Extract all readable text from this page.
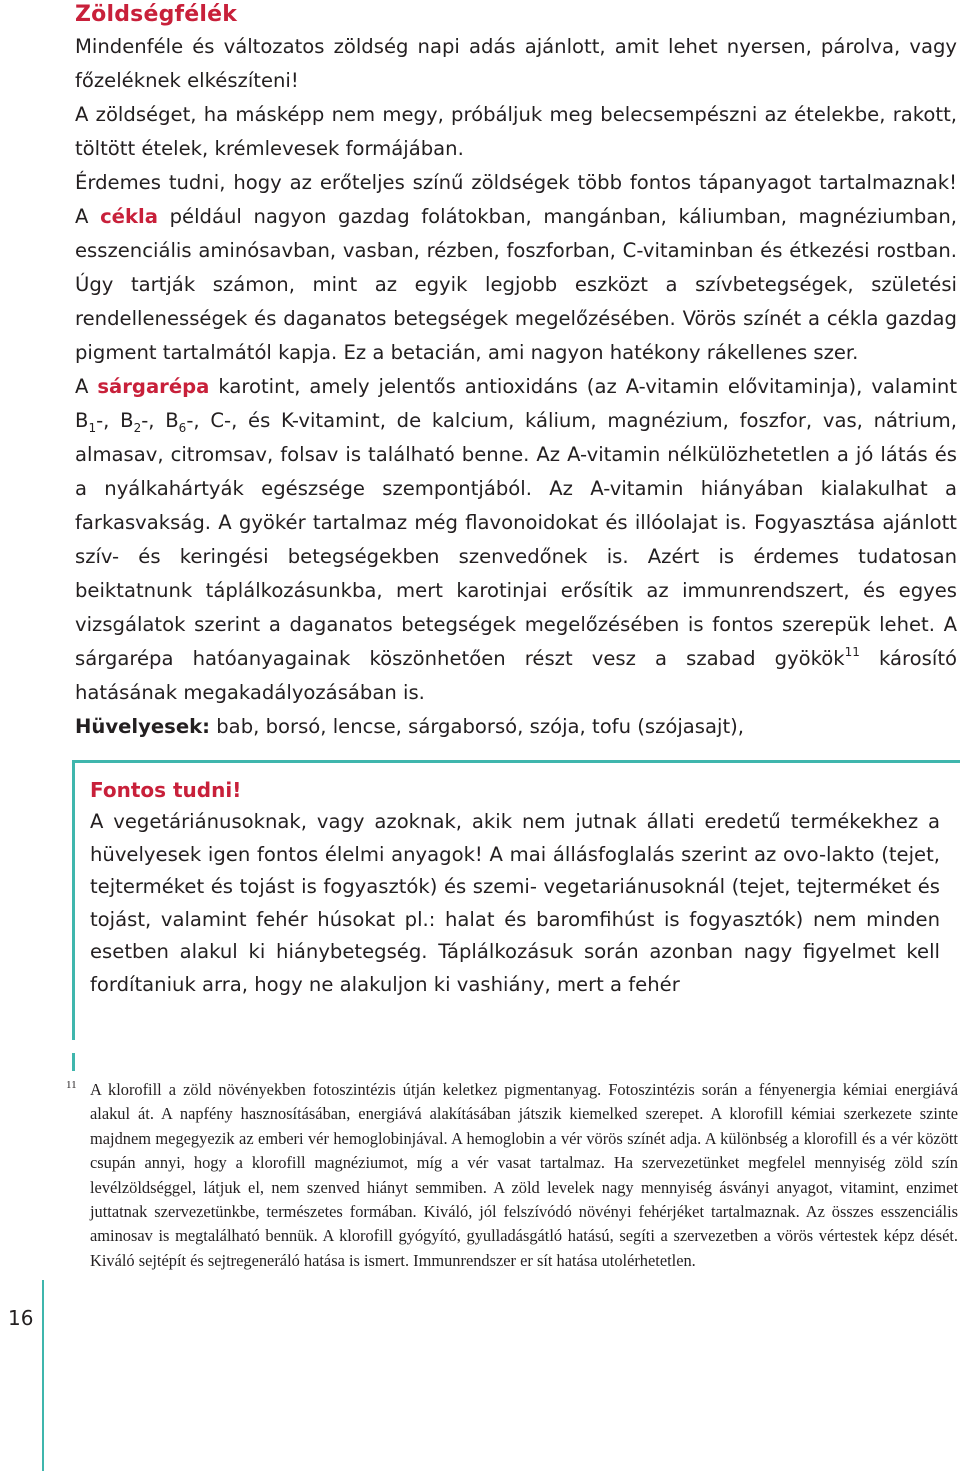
Zöldségfélék

Mindenféle és változatos zöldség napi adás ajánlott, amit lehet nyersen, párolva, vagy főzeléknek elkészíteni!

A zöldséget, ha másképp nem megy, próbáljuk meg belecsempészni az ételekbe, rakott, töltött ételek, krémlevesek formájában.

Érdemes tudni, hogy az erőteljes színű zöldségek több fontos tápanyagot tartalmaznak! A cékla például nagyon gazdag folátokban, mangánban, káliumban, magnéziumban, esszenciális aminósavban, vasban, rézben, foszforban, C-vitaminban és étkezési rostban. Úgy tartják számon, mint az egyik legjobb eszközt a szívbetegségek, születési rendellenességek és daganatos betegségek megelőzésében. Vörös színét a cékla gazdag pigment tartalmától kapja. Ez a betacián, ami nagyon hatékony rákellenes szer.

A sárgarépa karotint, amely jelentős antioxidáns (az A-vitamin elővitaminja), valamint $B_1-$, $B_2-$, $B_6-$, C-, és K-vitamint, de kalcium, kálium, magnézium, foszfor, vas, nátrium, almasav, citromsav, folsav is található benne. Az A-vitamin nélkülözhetetlen a jó látás és a nyálkahártyák egészsége szempontjából. Az A-vitamin hiányában kialakulhat a farkasvakság. A gyökér tartalmaz még flavonoidokat és illóolajat is. Fogyasztása ajánlott szív- és keringési betegségekben szenvedőnek is. Azért is érdemes tudatosan beiktatnunk táplálkozásunkba, mert karotinjai erősítik az immunrendszert, és egyes vizsgálatok szerint a daganatos betegségek megelőzésében is fontos szerepük lehet. A sárgarépa hatóanyagainak köszönhetően részt vesz a szabad gyökök$^{11}$ károsító hatásának megakadályozásában is.

Hüvelyesek: bab, borsó, lencse, sárgaborsó, szója, tofu (szójasajt),

Fontos tudni!

A vegetáriánusoknak, vagy azoknak, akik nem jutnak állati eredetű termékekhez a hüvelyesek igen fontos élelmi anyagok! A mai állásfoglalás szerint az ovo-lakto (tejet, tejterméket és tojást is fogyasztók) és szemi- vegetariánusoknál (tejet, tejterméket és tojást, valamint fehér húsokat pl.: halat és baromfihúst is fogyasztók) nem minden esetben alakul ki hiánybetegség. Táplálkozásuk során azonban nagy figyelmet kell fordítaniuk arra, hogy ne alakuljon ki vashiány, mert a fehér

11 A klorofill a zöld növényekben fotoszintézis útján keletkez pigmentanyag. Fotoszintézis során a fényenergia kémiai energiává alakul át. A napfény hasznosításában, energiává alakításában játszik kiemelked szerepet. A klorofill kémiai szerkezete szinte majdnem megegyezik az emberi vér hemoglobinjával. A hemoglobin a vér vörös színét adja. A különbség a klorofill és a vér között csupán annyi, hogy a klorofill magnéziumot, míg a vér vasat tartalmaz. Ha szervezetünket megfelel mennyiség zöld szín levélzöldséggel, látjuk el, nem szenved hiányt semmiben. A zöld levelek nagy mennyiség ásványi anyagot, vitamint, enzimet juttatnak szervezetünkbe, természetes formában. Kiváló, jól felszívódó növényi fehérjéket tartalmaznak. Az összes esszenciális aminosav is megtalálható bennük. A klorofill gyógyító, gyulladásgátló hatású, segíti a szervezetben a vörös vértestek képz dését. Kiváló sejtépít és sejtregeneráló hatása is ismert. Immunrendszer er sít hatása utolérhetetlen.

16
